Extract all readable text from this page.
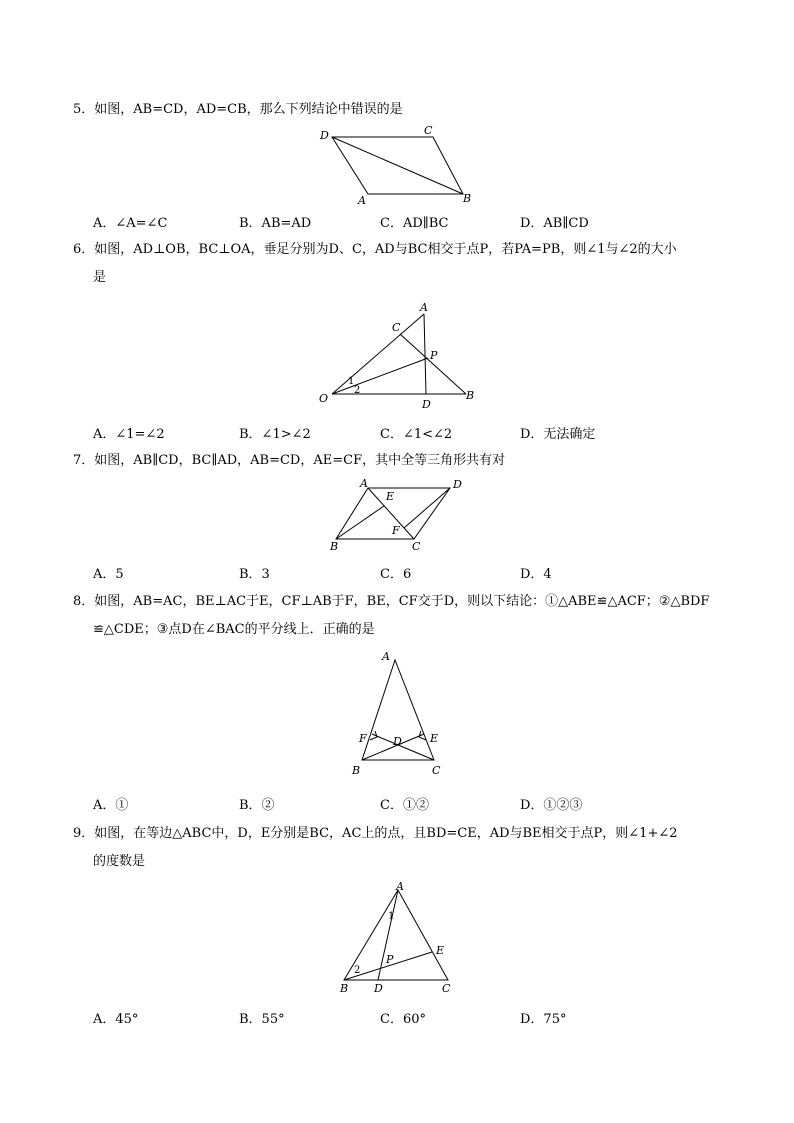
5．如图，AB=CD，AD=CB，那么下列结论中错误的是
D	C
A	B
A．∠A=∠C	B．AB=AD	C．AD∥BC	D．AB∥CD
6．如图，AD⊥OB，BC⊥OA，垂足分别为D、C，AD与BC相交于点P，若PA=PB，则∠1与∠2的大小
是
A
C
P
O
1
2
D
B
A．∠1=∠2	B．∠1>∠2	C．∠1<∠2	D．无法确定
7．如图，AB∥CD，BC∥AD，AB=CD，AE=CF，其中全等三角形共有对
A
E
D
F
B	C
A．5	B．3	C．6	D．4
8．如图，AB=AC，BE⊥AC于E，CF⊥AB于F，BE，CF交于D，则以下结论：①△ABE≌△ACF；②△BDF
≌△CDE；③点D在∠BAC的平分线上．正确的是
A
F D	E
B	C
A．①	B．②	C．①②	D．①②③
9．如图，在等边△ABC中，D，E分别是BC，AC上的点，且BD=CE，AD与BE相交于点P，则∠1+∠2
的度数是
A
1
E
P
2
B D	C
A．45°	B．55°	C．60°	D．75°
